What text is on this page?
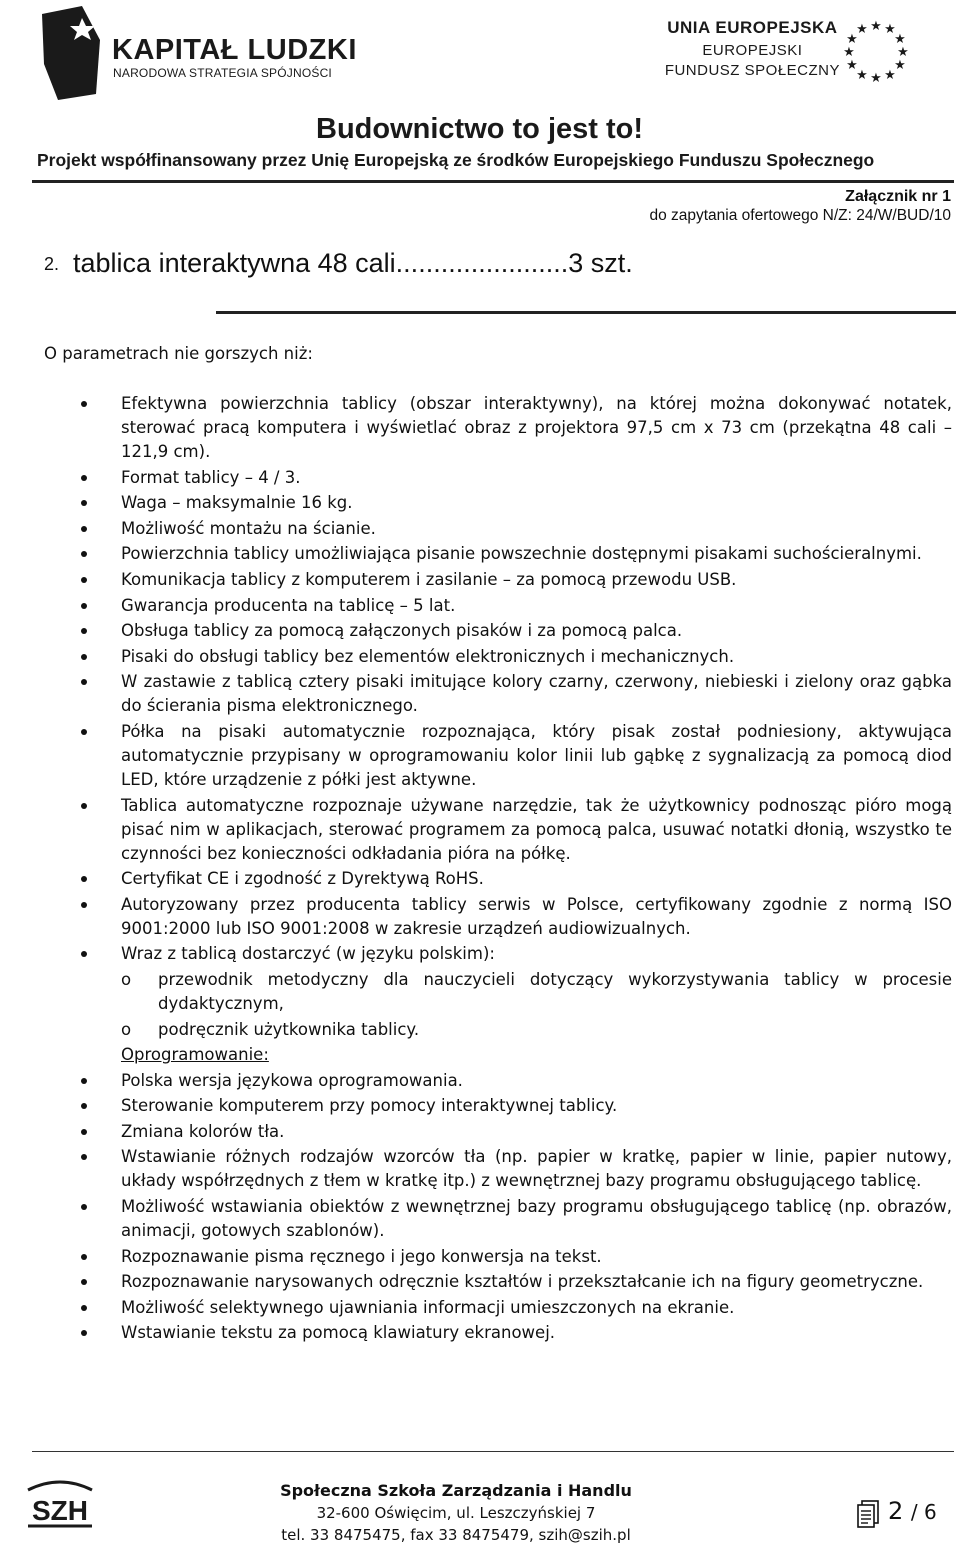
KAPITAŁ LUDZKI
NARODOWA STRATEGIA SPÓJNOŚCI
UNIA EUROPEJSKA
EUROPEJSKI
FUNDUSZ SPOŁECZNY
★ ★
★
★
★
★
★
★
★
★
★
★
Budownictwo to jest to!
Projekt współfinansowany przez Unię Europejską ze środków Europejskiego Funduszu Społecznego
Załącznik nr 1
do zapytania ofertowego N/Z: 24/W/BUD/10
2. tablica interaktywna 48 cali.......................3 szt.
O parametrach nie gorszych niż:
Efektywna powierzchnia tablicy (obszar interaktywny), na której można dokonywać notatek, sterować pracą komputera i wyświetlać obraz z projektora 97,5 cm x 73 cm (przekątna 48 cali – 121,9 cm).
Format tablicy – 4 / 3.
Waga – maksymalnie 16 kg.
Możliwość montażu na ścianie.
Powierzchnia tablicy umożliwiająca pisanie powszechnie dostępnymi pisakami suchościeralnymi.
Komunikacja tablicy z komputerem i zasilanie – za pomocą przewodu USB.
Gwarancja producenta na tablicę – 5 lat.
Obsługa tablicy za pomocą załączonych pisaków i za pomocą palca.
Pisaki do obsługi tablicy bez elementów elektronicznych i mechanicznych.
W zastawie z tablicą cztery pisaki imitujące kolory czarny, czerwony, niebieski i zielony oraz gąbka do ścierania pisma elektronicznego.
Półka na pisaki automatycznie rozpoznająca, który pisak został podniesiony, aktywująca automatycznie przypisany w oprogramowaniu kolor linii lub gąbkę z sygnalizacją za pomocą diod LED, które urządzenie z półki jest aktywne.
Tablica automatyczne rozpoznaje używane narzędzie, tak że użytkownicy podnosząc pióro mogą pisać nim w aplikacjach, sterować programem za pomocą palca, usuwać notatki dłonią, wszystko te czynności bez konieczności odkładania pióra na półkę.
Certyfikat CE i zgodność z Dyrektywą RoHS.
Autoryzowany przez producenta tablicy serwis w Polsce, certyfikowany zgodnie z normą ISO 9001:2000 lub ISO 9001:2008 w zakresie urządzeń audiowizualnych.
Wraz z tablicą dostarczyć (w języku polskim):
o przewodnik metodyczny dla nauczycieli dotyczący wykorzystywania tablicy w procesie dydaktycznym,
o podręcznik użytkownika tablicy.
Oprogramowanie:
Polska wersja językowa oprogramowania.
Sterowanie komputerem przy pomocy interaktywnej tablicy.
Zmiana kolorów tła.
Wstawianie różnych rodzajów wzorców tła (np. papier w kratkę, papier w linie, papier nutowy, układy współrzędnych z tłem w kratkę itp.) z wewnętrznej bazy programu obsługującego tablicę.
Możliwość wstawiania obiektów z wewnętrznej bazy programu obsługującego tablicę (np. obrazów, animacji, gotowych szablonów).
Rozpoznawanie pisma ręcznego i jego konwersja na tekst.
Rozpoznawanie narysowanych odręcznie kształtów i przekształcanie ich na figury geometryczne.
Możliwość selektywnego ujawniania informacji umieszczonych na ekranie.
Wstawianie tekstu za pomocą klawiatury ekranowej.
SZH
Społeczna Szkoła Zarządzania i Handlu
32-600 Oświęcim, ul. Leszczyńskiej 7
tel. 33 8475475, fax 33 8475479, szih@szih.pl
2 / 6
